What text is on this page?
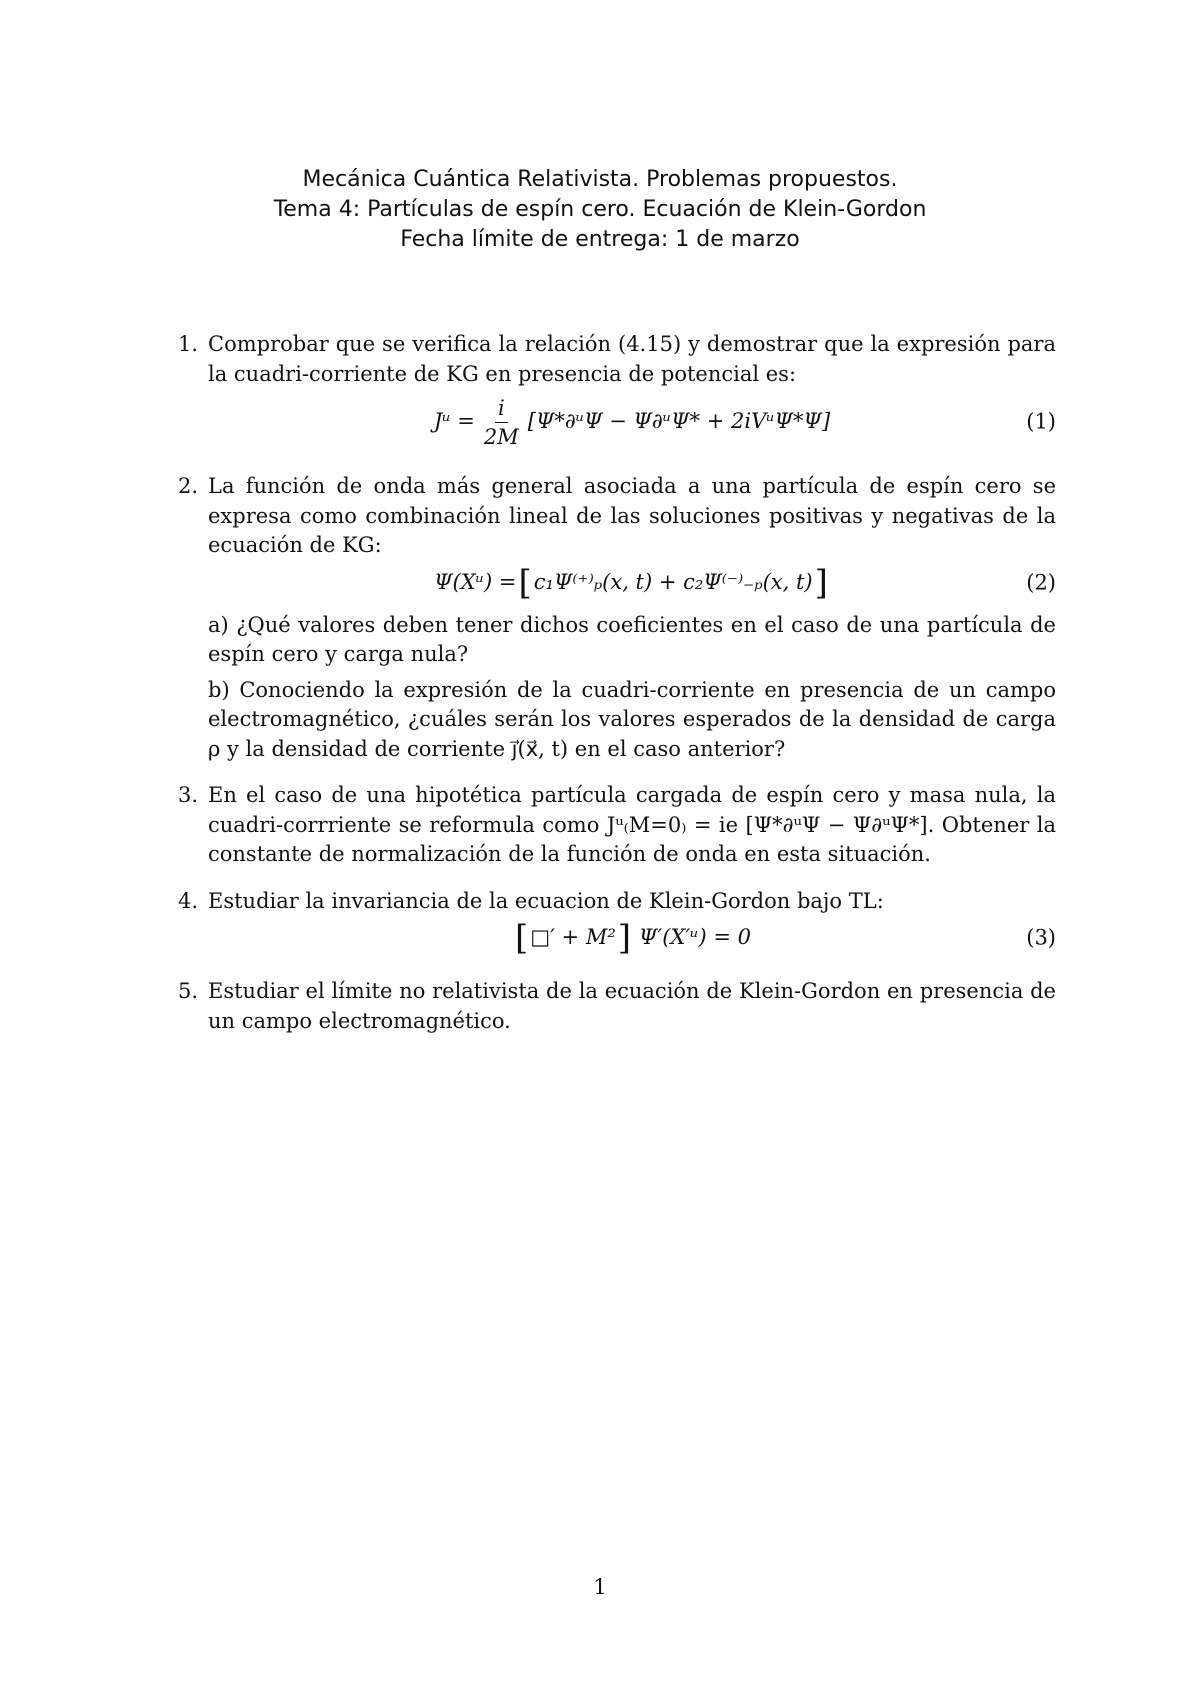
Mecánica Cuántica Relativista. Problemas propuestos.
Tema 4: Partículas de espín cero. Ecuación de Klein-Gordon
Fecha límite de entrega: 1 de marzo
1. Comprobar que se verifica la relación (4.15) y demostrar que la expresión para la cuadri-corriente de KG en presencia de potencial es:

Jᵘ = $\frac{i}{2M}$ [Ψ*∂ᵘΨ − Ψ∂ᵘΨ* + 2iVᵘΨ*Ψ]	(1)
2. La función de onda más general asociada a una partícula de espín cero se expresa como combinación lineal de las soluciones positivas y negativas de la ecuación de KG:

Ψ(Xᵘ) = [ c₁Ψ⁽⁺⁾ₚ(x, t) + c₂Ψ⁽⁻⁾₋ₚ(x, t) ]	(2)

a) ¿Qué valores deben tener dichos coeficientes en el caso de una partícula de espín cero y carga nula?

b) Conociendo la expresión de la cuadri-corriente en presencia de un campo electromagnético, ¿cuáles serán los valores esperados de la densidad de carga ρ y la densidad de corriente j⃗(x⃗, t) en el caso anterior?

3. En el caso de una hipotética partícula cargada de espín cero y masa nula, la cuadri-corrriente se reformula como Jᵘ₍M=0₎ = ie [Ψ*∂ᵘΨ − Ψ∂ᵘΨ*]. Obtener la constante de normalización de la función de onda en esta situación.

4. Estudiar la invariancia de la ecuacion de Klein-Gordon bajo TL:

[ □′ + M² ] Ψ′(X′ᵘ) = 0	(3)
5. Estudiar el límite no relativista de la ecuación de Klein-Gordon en presencia de un campo electromagnético.

1
